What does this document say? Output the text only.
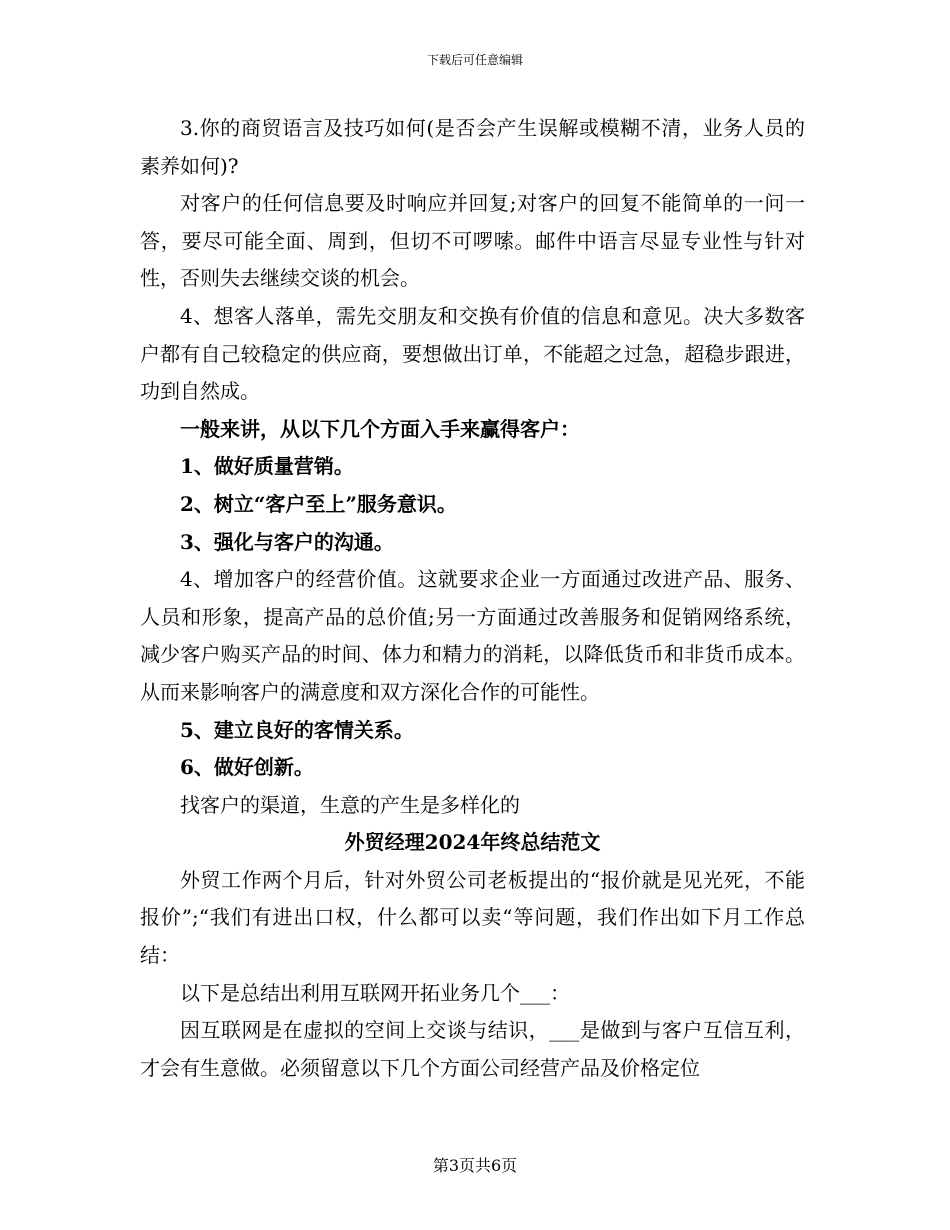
下载后可任意编辑

3.你的商贸语言及技巧如何(是否会产生误解或模糊不清，业务人员的素养如何)?

对客户的任何信息要及时响应并回复;对客户的回复不能简单的一问一答，要尽可能全面、周到，但切不可啰嗦。邮件中语言尽显专业性与针对性，否则失去继续交谈的机会。

4、想客人落单，需先交朋友和交换有价值的信息和意见。决大多数客户都有自己较稳定的供应商，要想做出订单，不能超之过急，超稳步跟进，功到自然成。

一般来讲，从以下几个方面入手来赢得客户：

1、做好质量营销。

2、树立“客户至上”服务意识。

3、强化与客户的沟通。

4、增加客户的经营价值。这就要求企业一方面通过改进产品、服务、人员和形象，提高产品的总价值;另一方面通过改善服务和促销网络系统，减少客户购买产品的时间、体力和精力的消耗，以降低货币和非货币成本。从而来影响客户的满意度和双方深化合作的可能性。

5、建立良好的客情关系。

6、做好创新。

找客户的渠道，生意的产生是多样化的

外贸经理2024年终总结范文

外贸工作两个月后，针对外贸公司老板提出的“报价就是见光死，不能报价”;“我们有进出口权，什么都可以卖“等问题，我们作出如下月工作总结：

以下是总结出利用互联网开拓业务几个___：

因互联网是在虚拟的空间上交谈与结识，___是做到与客户互信互利，才会有生意做。必须留意以下几个方面公司经营产品及价格定位

第3页共6页
